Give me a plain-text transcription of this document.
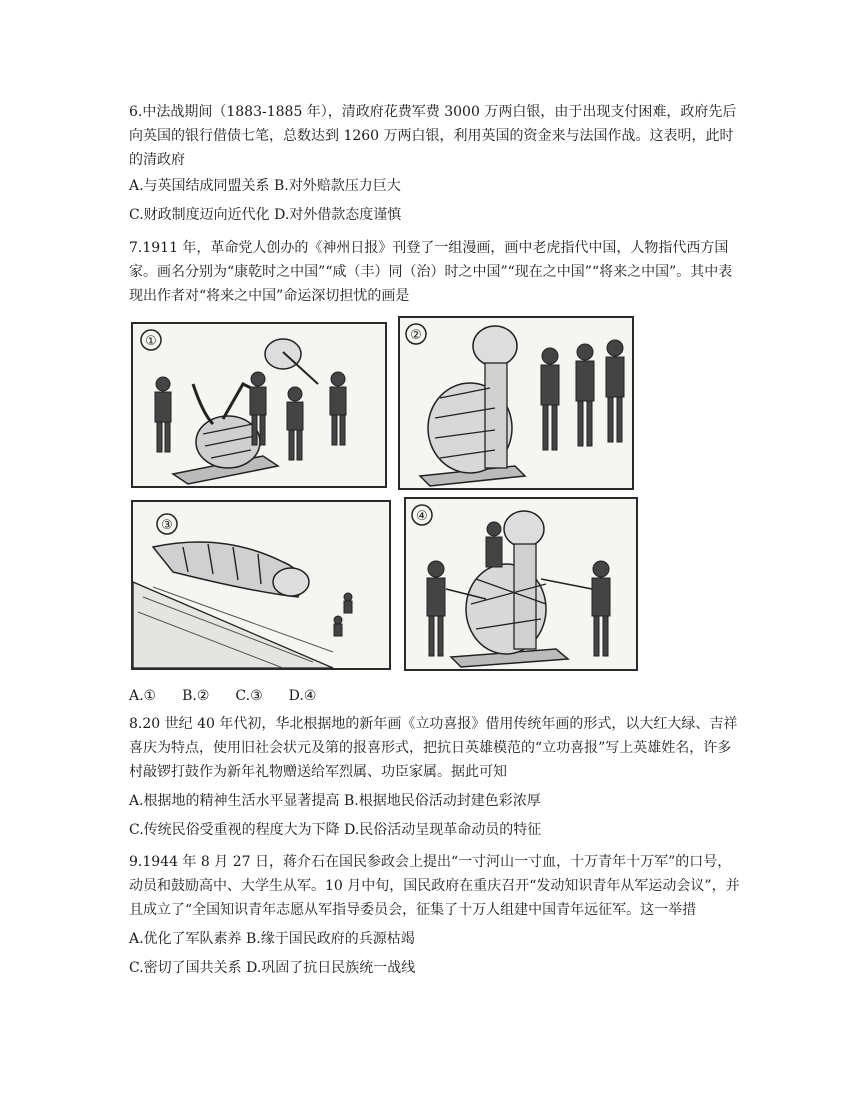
6.中法战期间（1883-1885 年），清政府花费军费 3000 万两白银，由于出现支付困难，政府先后向英国的银行借债七笔，总数达到 1260 万两白银，利用英国的资金来与法国作战。这表明，此时的清政府

A.与英国结成同盟关系 B.对外赔款压力巨大

C.财政制度迈向近代化 D.对外借款态度谨慎

7.1911 年，革命党人创办的《神州日报》刊登了一组漫画，画中老虎指代中国，人物指代西方国家。画名分别为“康乾时之中国”“咸（丰）同（治）时之中国”“现在之中国”“将来之中国”。其中表现出作者对“将来之中国”命运深切担忧的画是

①	②
③
④

A.① B.② C.③ D.④

8.20 世纪 40 年代初，华北根据地的新年画《立功喜报》借用传统年画的形式，以大红大绿、吉祥喜庆为特点，使用旧社会状元及第的报喜形式，把抗日英雄模范的“立功喜报”写上英雄姓名，许多村敲锣打鼓作为新年礼物赠送给军烈属、功臣家属。据此可知

A.根据地的精神生活水平显著提高 B.根据地民俗活动封建色彩浓厚

C.传统民俗受重视的程度大为下降 D.民俗活动呈现革命动员的特征

9.1944 年 8 月 27 日，蒋介石在国民参政会上提出“一寸河山一寸血，十万青年十万军”的口号，动员和鼓励高中、大学生从军。10 月中旬，国民政府在重庆召开“发动知识青年从军运动会议”，并且成立了“全国知识青年志愿从军指导委员会，征集了十万人组建中国青年远征军。这一举措

A.优化了军队素养 B.缘于国民政府的兵源枯竭

C.密切了国共关系 D.巩固了抗日民族统一战线
